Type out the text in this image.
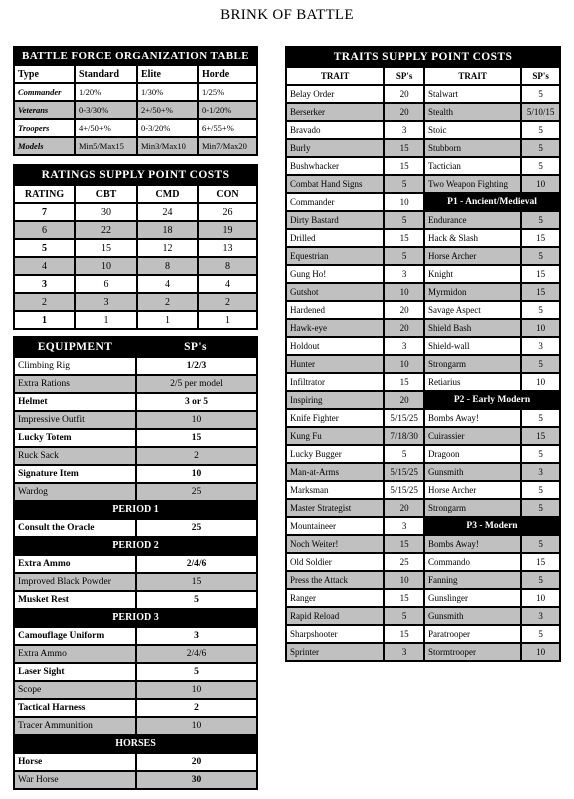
BRINK OF BATTLE
BATTLE FORCE ORGANIZATION TABLE
Type	Standard	Elite	Horde
Commander	1/20%	1/30%	1/25%
Veterans	0-3/30%	2+/50+%	0-1/20%
Troopers	4+/50+%	0-3/20%	6+/55+%
Models	Min5/Max15	Min3/Max10	Min7/Max20
RATINGS SUPPLY POINT COSTS
RATING	CBT	CMD	CON
7	30	24	26
6	22	18	19
5	15	12	13
4	10	8	8
3	6	4	4
2	3	2	2
1	1	1	1
EQUIPMENT	SP's
Climbing Rig	1/2/3
Extra Rations	2/5 per model
Helmet	3 or 5
Impressive Outfit	10
Lucky Totem	15
Ruck Sack	2
Signature Item	10
Wardog	25
PERIOD 1
Consult the Oracle	25
PERIOD 2
Extra Ammo	2/4/6
Improved Black Powder	15
Musket Rest	5
PERIOD 3
Camouflage Uniform	3
Extra Ammo	2/4/6
Laser Sight	5
Scope	10
Tactical Harness	2
Tracer Ammunition	10
HORSES
Horse	20
War Horse	30
TRAITS SUPPLY POINT COSTS
TRAIT	SP's	TRAIT	SP's
Belay Order	20	Stalwart	5
Berserker	20	Stealth	5/10/15
Bravado	3	Stoic	5
Burly	15	Stubborn	5
Bushwhacker	15	Tactician	5
Combat Hand Signs	5	Two Weapon Fighting	10
Commander	10	P1 - Ancient/Medieval
Dirty Bastard	5	Endurance	5
Drilled	15	Hack & Slash	15
Equestrian	5	Horse Archer	5
Gung Ho!	3	Knight	15
Gutshot	10	Myrmidon	15
Hardened	20	Savage Aspect	5
Hawk-eye	20	Shield Bash	10
Holdout	3	Shield-wall	3
Hunter	10	Strongarm	5
Infiltrator	15	Retiarius	10
Inspiring	20	P2 - Early Modern
Knife Fighter	5/15/25	Bombs Away!	5
Kung Fu	7/18/30	Cuirassier	15
Lucky Bugger	5	Dragoon	5
Man-at-Arms	5/15/25	Gunsmith	3
Marksman	5/15/25	Horse Archer	5
Master Strategist	20	Strongarm	5
Mountaineer	3	P3 - Modern
Noch Weiter!	15	Bombs Away!	5
Old Soldier	25	Commando	15
Press the Attack	10	Fanning	5
Ranger	15	Gunslinger	10
Rapid Reload	5	Gunsmith	3
Sharpshooter	15	Paratrooper	5
Sprinter	3	Stormtrooper	10
